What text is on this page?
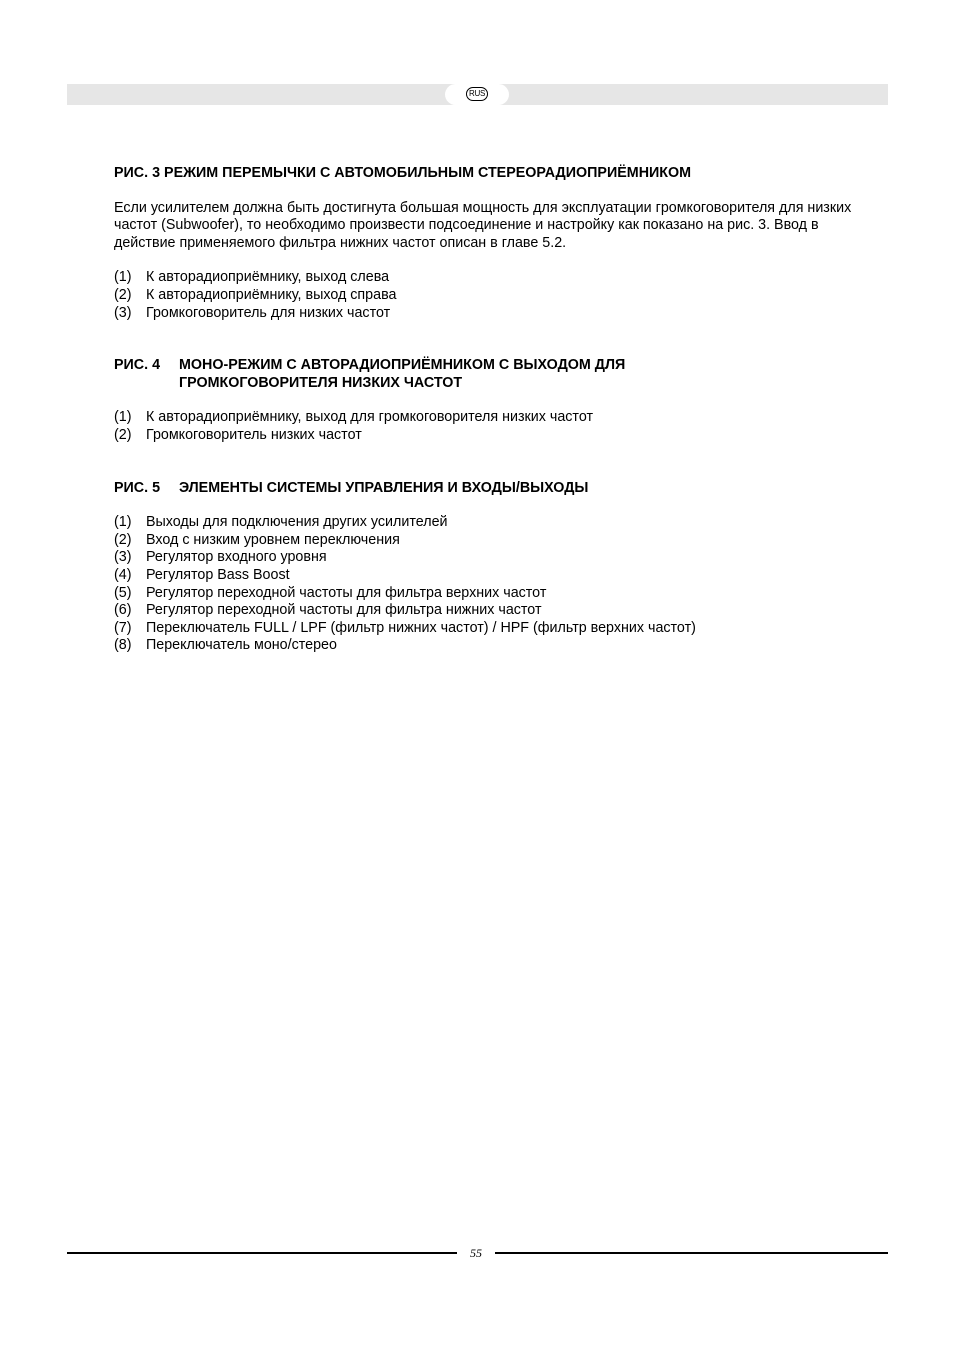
RUS
РИС. 3
РЕЖИМ ПЕРЕМЫЧКИ С АВТОМОБИЛЬНЫМ СТЕРЕОРАДИОПРИЁМНИКОМ
Если усилителем должна быть достигнута большая мощность для эксплуатации громкоговорителя для низких частот (Subwoofer), то необходимо произвести подсоединение и настройку как показано на рис. 3. Ввод в действие применяемого фильтра нижних частот описан в главе 5.2.
(1)	К авторадиоприёмнику, выход слева
(2)	К авторадиоприёмнику, выход справа
(3)	Громкоговоритель для низких частот
РИС. 4	МОНО-РЕЖИМ С АВТОРАДИОПРИЁМНИКОМ С ВЫХОДОМ ДЛЯ
ГРОМКОГОВОРИТЕЛЯ НИЗКИХ ЧАСТОТ
(1)	К авторадиоприёмнику, выход для громкоговорителя низких частот
(2)	Громкоговоритель низких частот
РИС. 5	ЭЛЕМЕНТЫ СИСТЕМЫ УПРАВЛЕНИЯ И ВХОДЫ/ВЫХОДЫ
(1)	Выходы для подключения других усилителей
(2)	Вход с низким уровнем переключения
(3)	Регулятор входного уровня
(4)	Регулятор Bass Boost
(5)	Регулятор переходной частоты для фильтра верхних частот
(6)	Регулятор переходной частоты для фильтра нижних частот
(7)	Переключатель FULL / LPF (фильтр нижних частот) / HPF (фильтр верхних частот)
(8)	Переключатель моно/стерео
55
